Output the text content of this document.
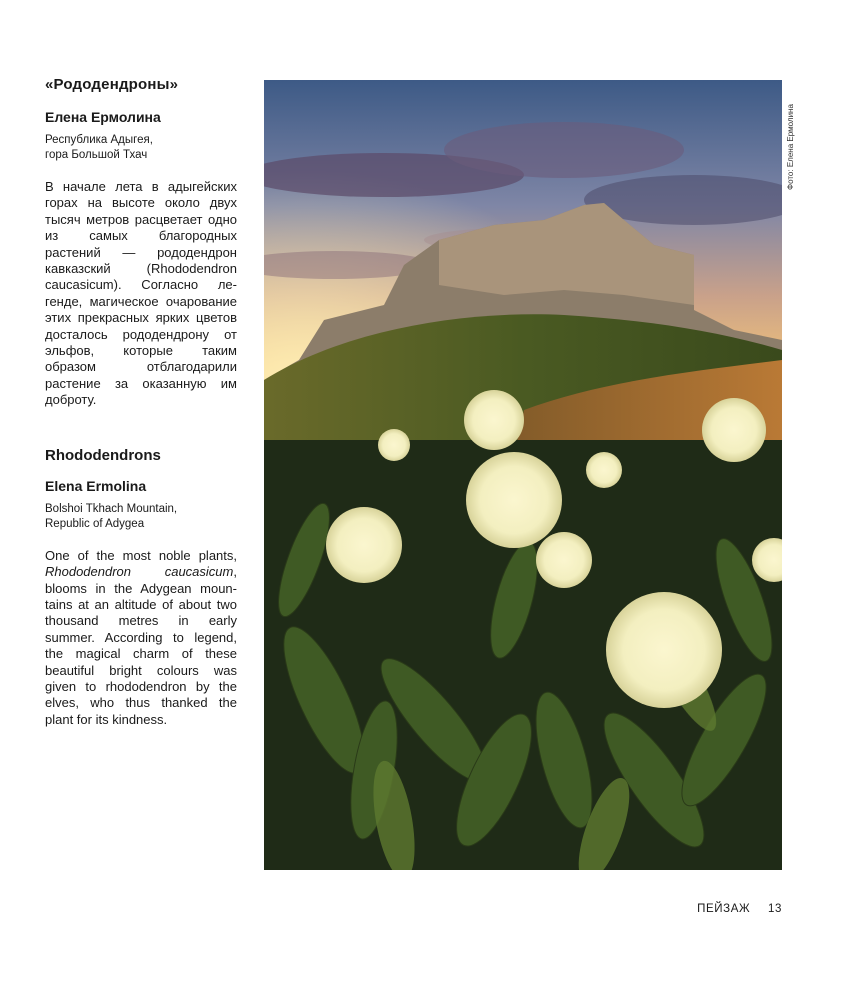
«Рододендроны»
Елена Ермолина
Республика Адыгея,
гора Большой Тхач

В начале лета в адыгейских горах на высоте около двух тысяч метров расцветает одно из самых благородных растений — рододендрон кавказский (Rhododendron caucasicum). Согласно легенде, магическое очарование этих прекрасных ярких цветов досталось рододендрону от эльфов, которые таким образом отблагодарили растение за оказанную им доброту.

Rhododendrons
Elena Ermolina
Bolshoi Tkhach Mountain,
Republic of Adygea

One of the most noble plants, Rhododendron caucasicum, blooms in the Adygean mountains at an altitude of about two thousand metres in early summer. According to legend, the magical charm of these beautiful bright colours was given to rhododendron by the elves, who thus thanked the plant for its kindness.

Фото: Елена Ермолина
ПЕЙЗАЖ 13
